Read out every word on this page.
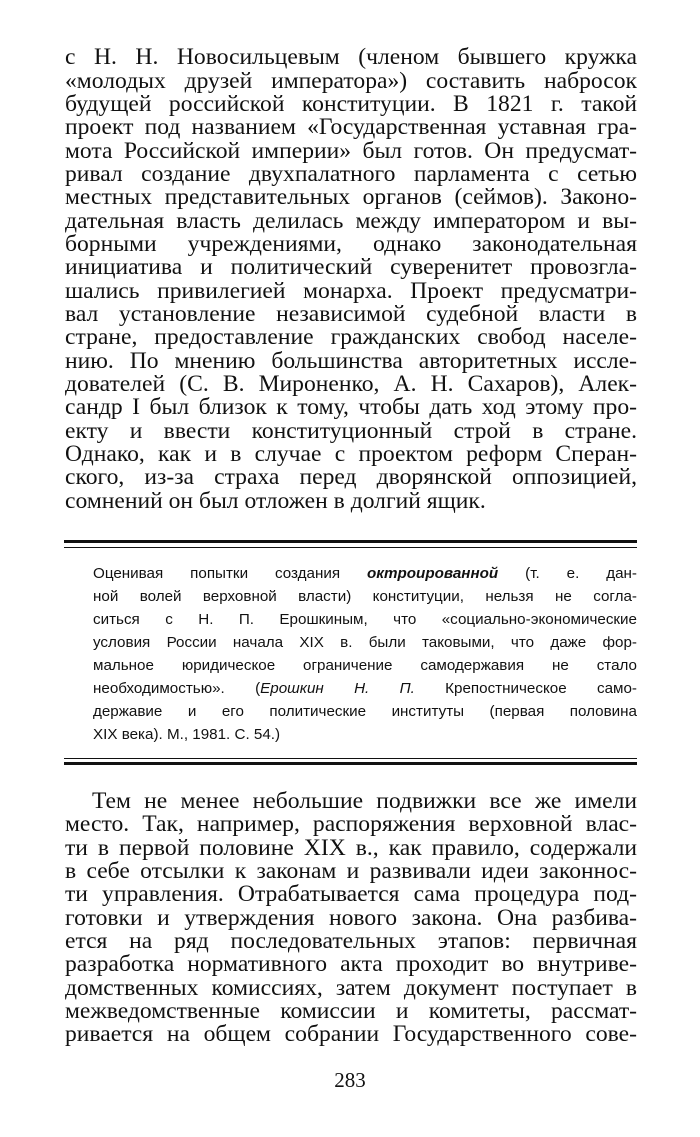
с Н. Н. Новосильцевым (членом бывшего кружка
«молодых друзей императора») составить набросок
будущей российской конституции. В 1821 г. такой
проект под названием «Государственная уставная гра-
мота Российской империи» был готов. Он предусмат-
ривал создание двухпалатного парламента с сетью
местных представительных органов (сеймов). Законо-
дательная власть делилась между императором и вы-
борными учреждениями, однако законодательная
инициатива и политический суверенитет провозгла-
шались привилегией монарха. Проект предусматри-
вал установление независимой судебной власти в
стране, предоставление гражданских свобод населе-
нию. По мнению большинства авторитетных иссле-
дователей (С. В. Мироненко, А. Н. Сахаров), Алек-
сандр I был близок к тому, чтобы дать ход этому про-
екту и ввести конституционный строй в стране.
Однако, как и в случае с проектом реформ Сперан-
ского, из-за страха перед дворянской оппозицией,
сомнений он был отложен в долгий ящик.
Оценивая попытки создания октроированной (т. е. дан-
ной волей верховной власти) конституции, нельзя не согла-
ситься с Н. П. Ерошкиным, что «социально-экономические
условия России начала XIX в. были таковыми, что даже фор-
мальное юридическое ограничение самодержавия не стало
необходимостью». (Ерошкин Н. П. Крепостническое само-
державие и его политические институты (первая половина
XIX века). М., 1981. С. 54.)
Тем не менее небольшие подвижки все же имели
место. Так, например, распоряжения верховной влас-
ти в первой половине XIX в., как правило, содержали
в себе отсылки к законам и развивали идеи законнос-
ти управления. Отрабатывается сама процедура под-
готовки и утверждения нового закона. Она разбива-
ется на ряд последовательных этапов: первичная
разработка нормативного акта проходит во внутриве-
домственных комиссиях, затем документ поступает в
межведомственные комиссии и комитеты, рассмат-
ривается на общем собрании Государственного сове-
283
